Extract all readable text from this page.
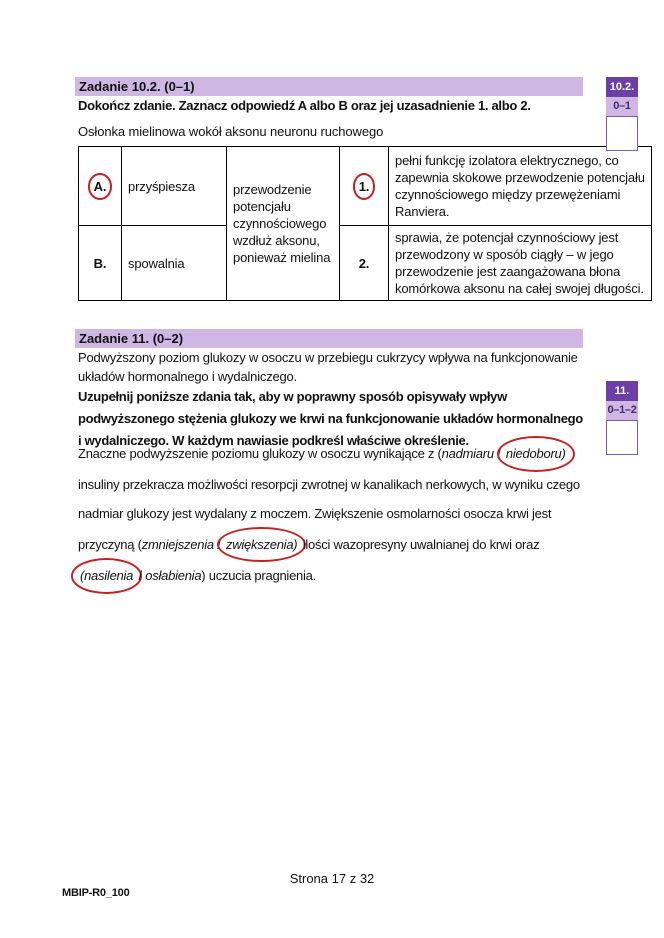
Zadanie 10.2. (0–1)
Dokończ zdanie. Zaznacz odpowiedź A albo B oraz jej uzasadnienie 1. albo 2.
Osłonka mielinowa wokół aksonu neuronu ruchowego
A.	przyśpiesza	przewodzenie potencjału czynnościowego wzdłuż aksonu, ponieważ mielina	1.	pełni funkcję izolatora elektrycznego, co zapewnia skokowe przewodzenie potencjału czynnościowego między przewężeniami Ranviera.
B.	spowalnia		2.	sprawia, że potencjał czynnościowy jest przewodzony w sposób ciągły – w jego przewodzenie jest zaangażowana błona komórkowa aksonu na całej swojej długości.
10.2.
0–1
Zadanie 11. (0–2)
Podwyższony poziom glukozy w osoczu w przebiegu cukrzycy wpływa na funkcjonowanie
układów hormonalnego i wydalniczego.
Uzupełnij poniższe zdania tak, aby w poprawny sposób opisywały wpływ
podwyższonego stężenia glukozy we krwi na funkcjonowanie układów hormonalnego
i wydalniczego. W każdym nawiasie podkreśl właściwe określenie.
11.
0–1–2
Znaczne podwyższenie poziomu glukozy w osoczu wynikające z (nadmiaru / niedoboru)
insuliny przekracza możliwości resorpcji zwrotnej w kanalikach nerkowych, w wyniku czego
nadmiar glukozy jest wydalany z moczem. Zwiększenie osmolarności osocza krwi jest
przyczyną (zmniejszenia / zwiększenia) ilości wazopresyny uwalnianej do krwi oraz
(nasilenia / osłabienia) uczucia pragnienia.
Strona 17 z 32
MBIP-R0_100
